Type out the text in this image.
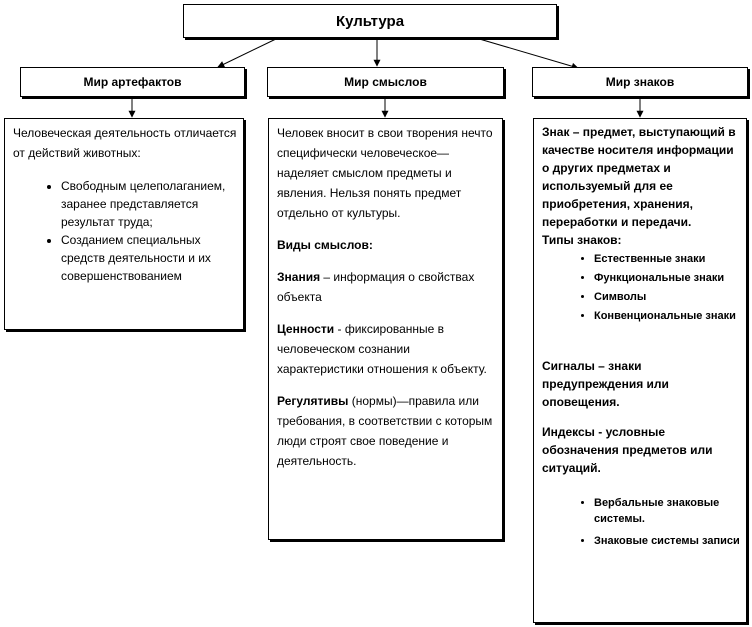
Культура
Мир артефактов	Мир смыслов	Мир знаков

Человеческая деятельность отличается от действий животных:

• Свободным целеполаганием, заранее представляется результат труда;
• Созданием специальных средств деятельности и их совершенствованием

Человек вносит в свои творения нечто специфически человеческое—наделяет смыслом предметы и явления. Нельзя понять предмет отдельно от культуры.

Виды смыслов:

Знания – информация о свойствах объекта

Ценности - фиксированные в человеческом сознании характеристики отношения к объекту.

Регулятивы (нормы)—правила или требования, в соответствии с которым люди строят свое поведение и деятельность.

Знак – предмет, выступающий в качестве носителя информации о других предметах и используемый для ее приобретения, хранения, переработки и передачи.

Типы знаков:

• Естественные знаки
• Функциональные знаки
• Символы
• Конвенциональные знаки

Сигналы – знаки предупреждения или оповещения.

Индексы - условные обозначения предметов или ситуаций.

• Вербальные знаковые системы.
• Знаковые системы записи
